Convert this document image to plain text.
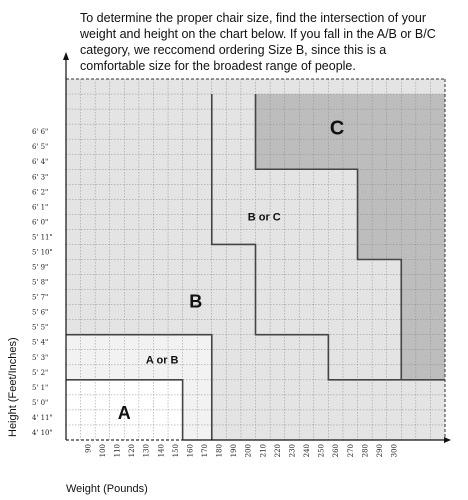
To determine the proper chair size, find the intersection of your weight and height on the chart below. If you fall in the A/B or B/C category, we reccomend ordering Size B, since this is a comfortable size for the broadest range of people.

90 100 110 120 130 140 150 160 170 180 190 200 210 220 230 240 250 260 270 280 290 300
4' 10"
4' 11"
5' 0"
5' 1"
5' 2"
5' 3"
5' 4"
5' 5"
5' 6"
5' 7"
5' 8"
5' 9"
5' 10"
5' 11"
6' 0"
6' 1"
6' 2"
6' 3"
6' 4"
6' 5"
6' 6"
A
A or B
B
B or C
C
Weight (Pounds)
Height (Feet/Inches)
